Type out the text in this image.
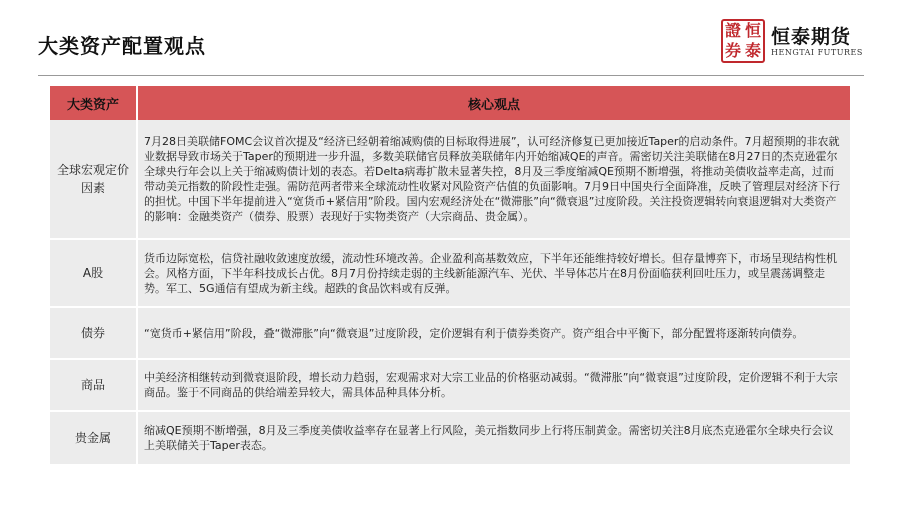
大类资产配置观点
證 恒
券 泰
恒泰期货
HENGTAI FUTURES
大类资产	核心观点
全球宏观定价因素	7月28日美联储FOMC会议首次提及“经济已经朝着缩减购债的目标取得进展”，认可经济修复已更加接近Taper的启动条件。7月超预期的非农就业数据导致市场关于Taper的预期进一步升温，多数美联储官员释放美联储年内开始缩减QE的声音。需密切关注美联储在8月27日的杰克逊霍尔全球央行年会以上关于缩减购债计划的表态。若Delta病毒扩散未显著失控，8月及三季度缩减QE预期不断增强，将推动美债收益率走高，过而带动美元指数的阶段性走强。需防范两者带来全球流动性收紧对风险资产估值的负面影响。7月9日中国央行全面降准，反映了管理层对经济下行的担忧。中国下半年提前进入“宽货币+紧信用”阶段。国内宏观经济处在“微滞胀”向“微衰退”过度阶段。关注投资逻辑转向衰退逻辑对大类资产的影响：金融类资产（债券、股票）表现好于实物类资产（大宗商品、贵金属）。
A股	货币边际宽松，信贷社融收敛速度放缓，流动性环境改善。企业盈利高基数效应，下半年还能维持较好增长。但存量博弈下，市场呈现结构性机会。风格方面，下半年科技成长占优。8月7月份持续走弱的主线新能源汽车、光伏、半导体芯片在8月份面临获利回吐压力，或呈震荡调整走势。军工、5G通信有望成为新主线。超跌的食品饮料或有反弹。
债券	“宽货币+紧信用”阶段，叠“微滞胀”向“微衰退”过度阶段，定价逻辑有利于债券类资产。资产组合中平衡下，部分配置将逐渐转向债券。
商品	中美经济相继转动到微衰退阶段，增长动力趋弱，宏观需求对大宗工业品的价格驱动减弱。“微滞胀”向“微衰退”过度阶段，定价逻辑不利于大宗商品。鉴于不同商品的供给端差异较大，需具体品种具体分析。
贵金属	缩减QE预期不断增强，8月及三季度美债收益率存在显著上行风险，美元指数同步上行将压制黄金。需密切关注8月底杰克逊霍尔全球央行会议上美联储关于Taper表态。
